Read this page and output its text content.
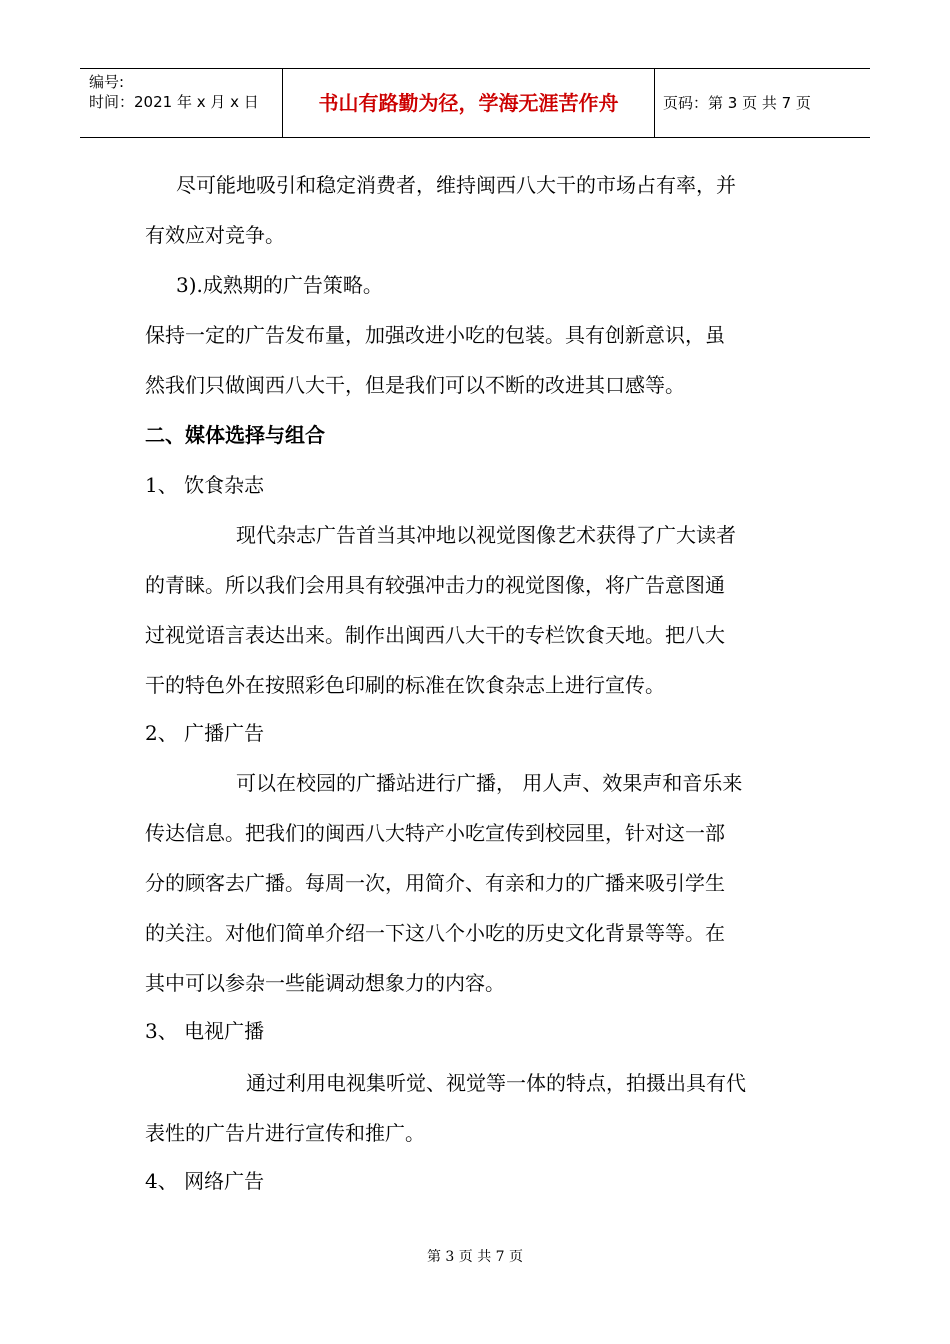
编号:
时间：2021 年 x 月 x 日	书山有路勤为径，学海无涯苦作舟	页码：第 3 页 共 7 页
尽可能地吸引和稳定消费者，维持闽西八大干的市场占有率，并
有效应对竞争。
3).成熟期的广告策略。
保持一定的广告发布量，加强改进小吃的包装。具有创新意识，虽
然我们只做闽西八大干，但是我们可以不断的改进其口感等。
二、媒体选择与组合
1、 饮食杂志
现代杂志广告首当其冲地以视觉图像艺术获得了广大读者
的青睐。所以我们会用具有较强冲击力的视觉图像，将广告意图通
过视觉语言表达出来。制作出闽西八大干的专栏饮食天地。把八大
干的特色外在按照彩色印刷的标准在饮食杂志上进行宣传。
2、 广播广告
可以在校园的广播站进行广播， 用人声、效果声和音乐来
传达信息。把我们的闽西八大特产小吃宣传到校园里，针对这一部
分的顾客去广播。每周一次，用简介、有亲和力的广播来吸引学生
的关注。对他们简单介绍一下这八个小吃的历史文化背景等等。在
其中可以参杂一些能调动想象力的内容。
3、 电视广播
通过利用电视集听觉、视觉等一体的特点，拍摄出具有代
表性的广告片进行宣传和推广。
4、 网络广告
第 3 页 共 7 页
